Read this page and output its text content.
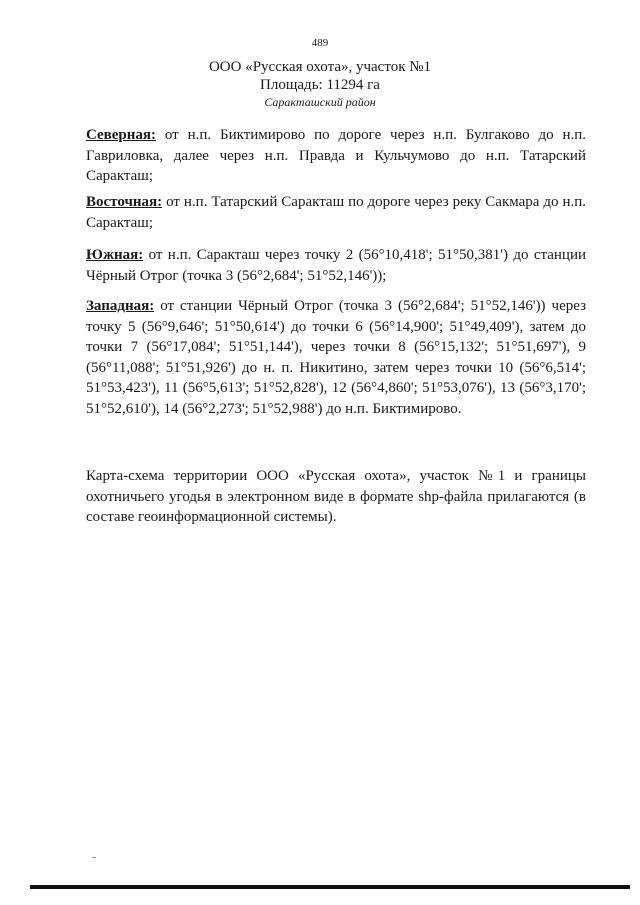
489
ООО «Русская охота», участок №1
Площадь: 11294 га
Саракташский район
Северная: от н.п. Биктимирово по дороге через н.п. Булгаково до н.п. Гавриловка, далее через н.п. Правда и Кульчумово до н.п. Татарский Саракташ;
Восточная: от н.п. Татарский Саракташ по дороге через реку Сакмара до н.п. Саракташ;
Южная: от н.п. Саракташ через точку 2 (56°10,418'; 51°50,381') до станции Чёрный Отрог (точка 3 (56°2,684'; 51°52,146'));
Западная: от станции Чёрный Отрог (точка 3 (56°2,684'; 51°52,146')) через точку 5 (56°9,646'; 51°50,614') до точки 6 (56°14,900'; 51°49,409'), затем до точки 7 (56°17,084'; 51°51,144'), через точки 8 (56°15,132'; 51°51,697'), 9 (56°11,088'; 51°51,926') до н. п. Никитино, затем через точки 10 (56°6,514'; 51°53,423'), 11 (56°5,613'; 51°52,828'), 12 (56°4,860'; 51°53,076'), 13 (56°3,170'; 51°52,610'), 14 (56°2,273'; 51°52,988') до н.п. Биктимирово.
Карта-схема территории ООО «Русская охота», участок №1 и границы охотничьего угодья в электронном виде в формате shp-файла прилагаются (в составе геоинформационной системы).
